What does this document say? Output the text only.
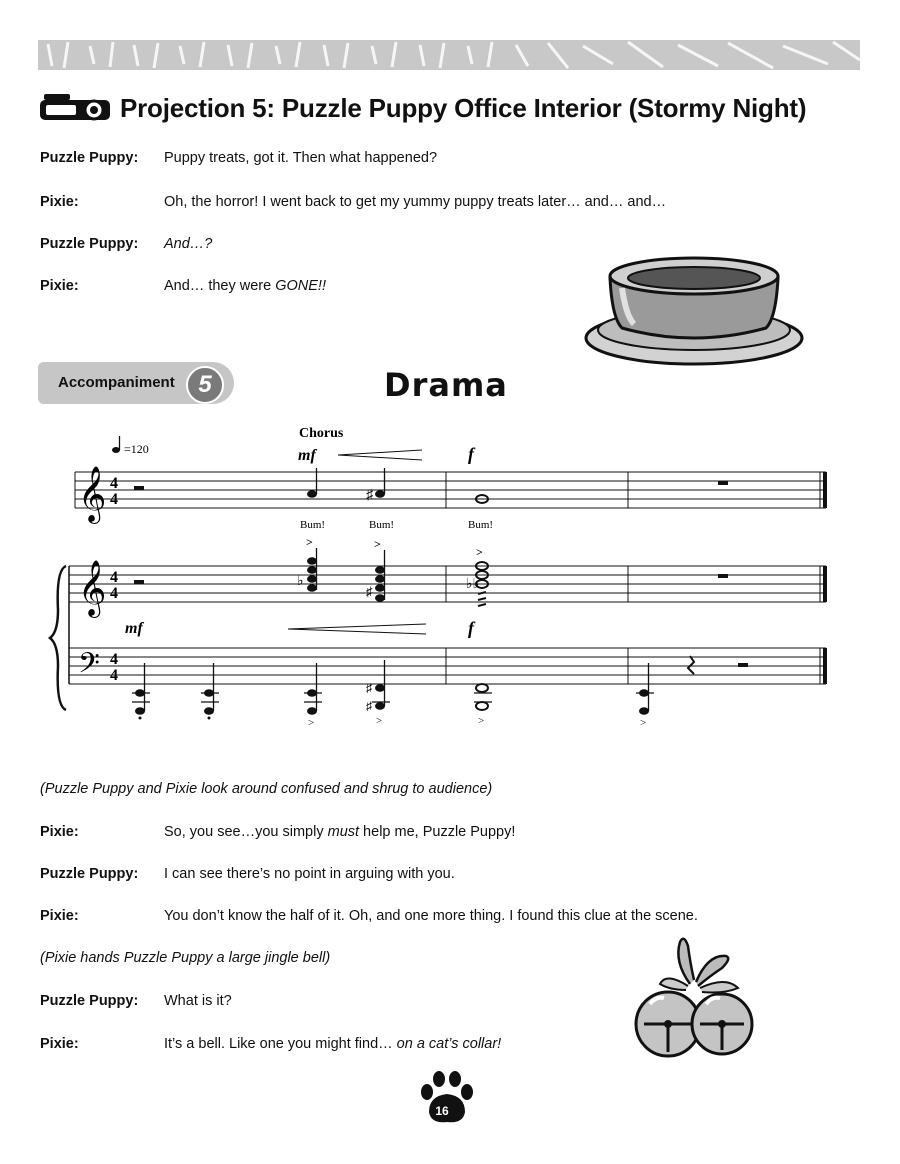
Projection 5: Puzzle Puppy Office Interior (Stormy Night)
Puzzle Puppy:	Puppy treats, got it. Then what happened?
Pixie:	Oh, the horror! I went back to get my yummy puppy treats later… and… and…
Puzzle Puppy:	And…?
Pixie:	And… they were GONE!!
Accompaniment 5	Drama
=120
Chorus
mf	f
𝄞 4
4	♯
Bum!	Bum!	Bum!
𝄞 4
4
♭
>
♯
>
♭♭
>
mf	f
𝄢 4
4
♯
♯
>	>	>	>
(Puzzle Puppy and Pixie look around confused and shrug to audience)
Pixie:	So, you see…you simply must help me, Puzzle Puppy!
Puzzle Puppy:	I can see there’s no point in arguing with you.
Pixie:	You don’t know the half of it. Oh, and one more thing. I found this clue at the scene.
(Pixie hands Puzzle Puppy a large jingle bell)
Puzzle Puppy:	What is it?
Pixie:	It’s a bell. Like one you might find… on a cat’s collar!
16
